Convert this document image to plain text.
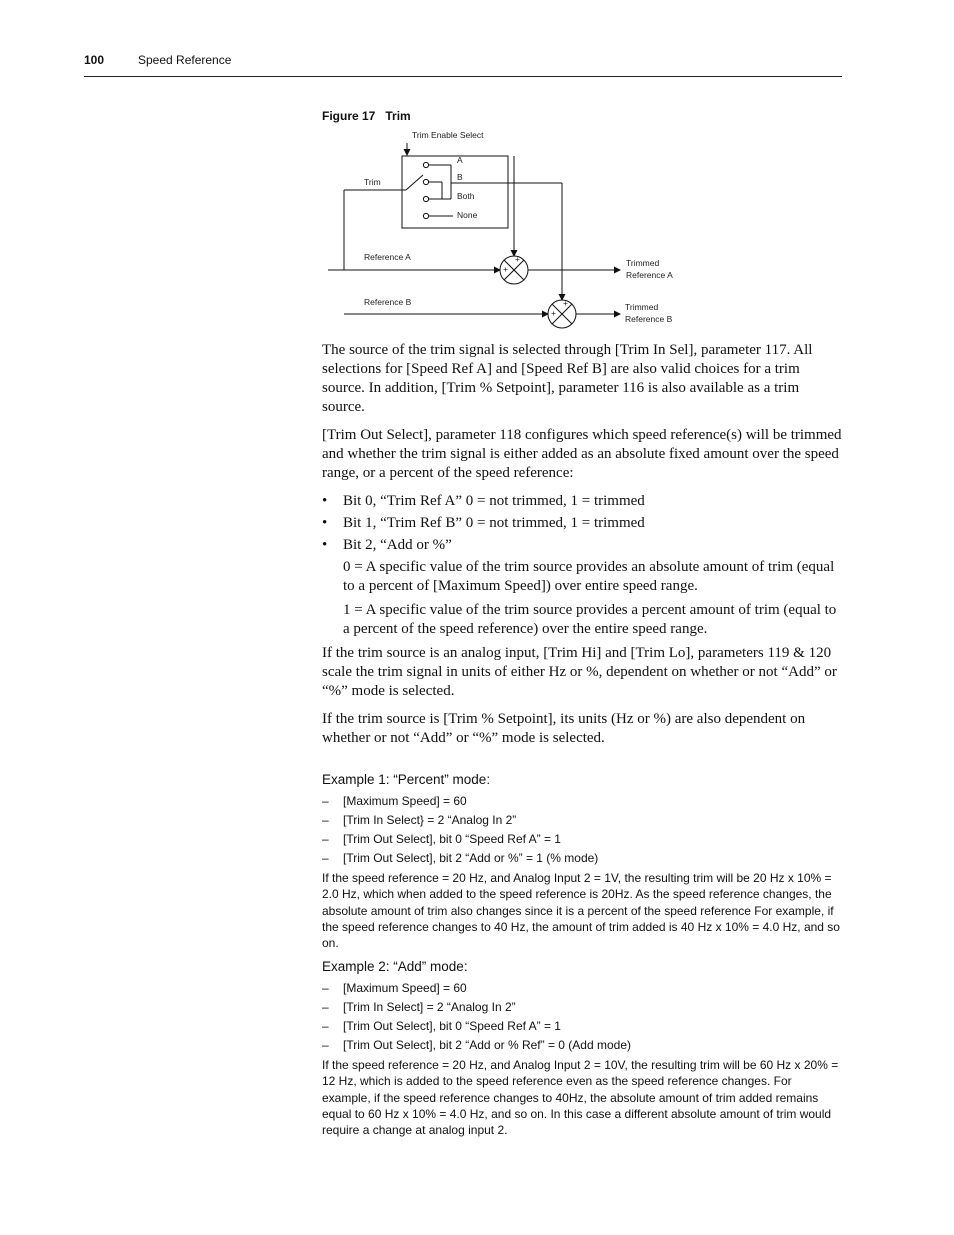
100	Speed Reference
Figure 17 Trim
Trim Enable Select
A
B
Both
None
Trim
Reference A
Reference B
Trimmed
Reference A
Trimmed
Reference B
+
+
+
+

The source of the trim signal is selected through [Trim In Sel], parameter 117. All selections for [Speed Ref A] and [Speed Ref B] are also valid choices for a trim source. In addition, [Trim % Setpoint], parameter 116 is also available as a trim source.

[Trim Out Select], parameter 118 configures which speed reference(s) will be trimmed and whether the trim signal is either added as an absolute fixed amount over the speed range, or a percent of the speed reference:

• Bit 0, “Trim Ref A” 0 = not trimmed, 1 = trimmed
• Bit 1, “Trim Ref B” 0 = not trimmed, 1 = trimmed
• Bit 2, “Add or %”

0 = A specific value of the trim source provides an absolute amount of trim (equal to a percent of [Maximum Speed]) over entire speed range.

1 = A specific value of the trim source provides a percent amount of trim (equal to a percent of the speed reference) over the entire speed range.

If the trim source is an analog input, [Trim Hi] and [Trim Lo], parameters 119 & 120 scale the trim signal in units of either Hz or %, dependent on whether or not “Add” or “%” mode is selected.

If the trim source is [Trim % Setpoint], its units (Hz or %) are also dependent on whether or not “Add” or “%” mode is selected.

Example 1: “Percent” mode:
– [Maximum Speed] = 60
– [Trim In Select} = 2 “Analog In 2”
– [Trim Out Select], bit 0 “Speed Ref A” = 1
– [Trim Out Select], bit 2 “Add or %” = 1 (% mode)

If the speed reference = 20 Hz, and Analog Input 2 = 1V, the resulting trim will be 20 Hz x 10% = 2.0 Hz, which when added to the speed reference is 20Hz. As the speed reference changes, the absolute amount of trim also changes since it is a percent of the speed reference For example, if the speed reference changes to 40 Hz, the amount of trim added is 40 Hz x 10% = 4.0 Hz, and so on.

Example 2: “Add” mode:
– [Maximum Speed] = 60
– [Trim In Select] = 2 “Analog In 2”
– [Trim Out Select], bit 0 “Speed Ref A” = 1
– [Trim Out Select], bit 2 “Add or % Ref” = 0 (Add mode)

If the speed reference = 20 Hz, and Analog Input 2 = 10V, the resulting trim will be 60 Hz x 20% = 12 Hz, which is added to the speed reference even as the speed reference changes. For example, if the speed reference changes to 40Hz, the absolute amount of trim added remains equal to 60 Hz x 10% = 4.0 Hz, and so on. In this case a different absolute amount of trim would require a change at analog input 2.
